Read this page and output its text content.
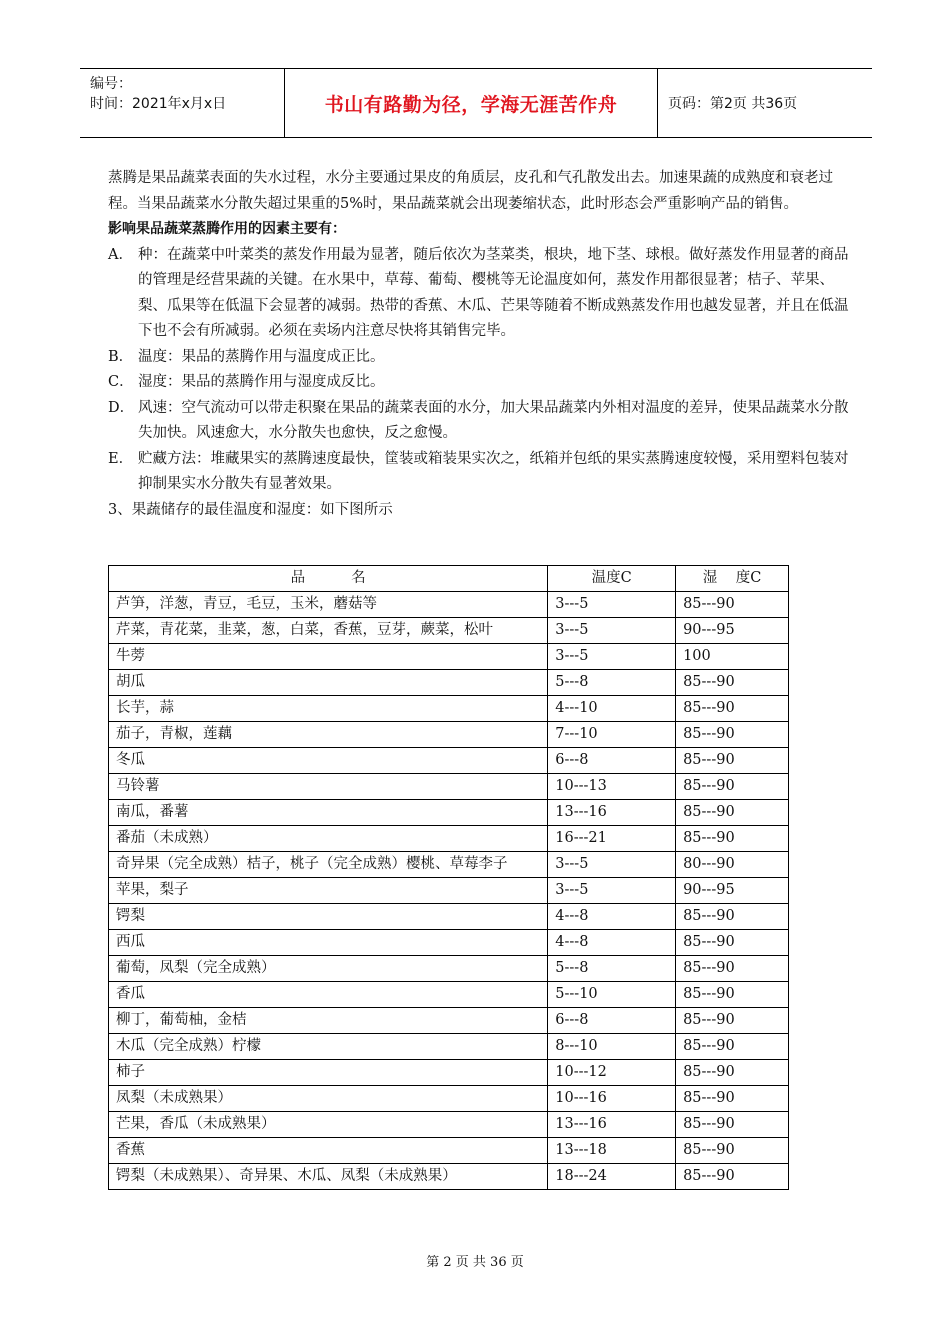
编号：
时间：2021年x月x日	书山有路勤为径，学海无涯苦作舟	页码：第2页 共36页

蒸腾是果品蔬菜表面的失水过程，水分主要通过果皮的角质层，皮孔和气孔散发出去。加速果蔬的成熟度和衰老过程。当果品蔬菜水分散失超过果重的5%时，果品蔬菜就会出现萎缩状态，此时形态会严重影响产品的销售。

影响果品蔬菜蒸腾作用的因素主要有：

A． 种：在蔬菜中叶菜类的蒸发作用最为显著，随后依次为茎菜类，根块，地下茎、球根。做好蒸发作用显著的商品的管理是经营果蔬的关键。在水果中，草莓、葡萄、樱桃等无论温度如何，蒸发作用都很显著；桔子、苹果、梨、瓜果等在低温下会显著的减弱。热带的香蕉、木瓜、芒果等随着不断成熟蒸发作用也越发显著，并且在低温下也不会有所减弱。必须在卖场内注意尽快将其销售完毕。

B． 温度：果品的蒸腾作用与温度成正比。

C． 湿度：果品的蒸腾作用与湿度成反比。

D． 风速：空气流动可以带走积聚在果品的蔬菜表面的水分，加大果品蔬菜内外相对温度的差异，使果品蔬菜水分散失加快。风速愈大，水分散失也愈快，反之愈慢。

E． 贮藏方法：堆藏果实的蒸腾速度最快，筐装或箱装果实次之，纸箱并包纸的果实蒸腾速度较慢，采用塑料包装对抑制果实水分散失有显著效果。

3、果蔬储存的最佳温度和湿度：如下图所示

品          名	温度C	湿    度C
芦笋，洋葱，青豆，毛豆，玉米，蘑菇等	3---5	85---90
芹菜，青花菜，韭菜，葱，白菜，香蕉，豆芽，蕨菜，松叶	3---5	90---95
牛蒡	3---5	100
胡瓜	5---8	85---90
长芋，蒜	4---10	85---90
茄子，青椒，莲藕	7---10	85---90
冬瓜	6---8	85---90
马铃薯	10---13	85---90
南瓜，番薯	13---16	85---90
番茄（未成熟）	16---21	85---90
奇异果（完全成熟）桔子，桃子（完全成熟）樱桃、草莓李子	3---5	80---90
苹果，梨子	3---5	90---95
锷梨	4---8	85---90
西瓜	4---8	85---90
葡萄，凤梨（完全成熟）	5---8	85---90
香瓜	5---10	85---90
柳丁，葡萄柚，金桔	6---8	85---90
木瓜（完全成熟）柠檬	8---10	85---90
柿子	10---12	85---90
凤梨（未成熟果）	10---16	85---90
芒果，香瓜（未成熟果）	13---16	85---90
香蕉	13---18	85---90
锷梨（未成熟果）、奇异果、木瓜、凤梨（未成熟果）	18---24	85---90
第 2 页 共 36 页
